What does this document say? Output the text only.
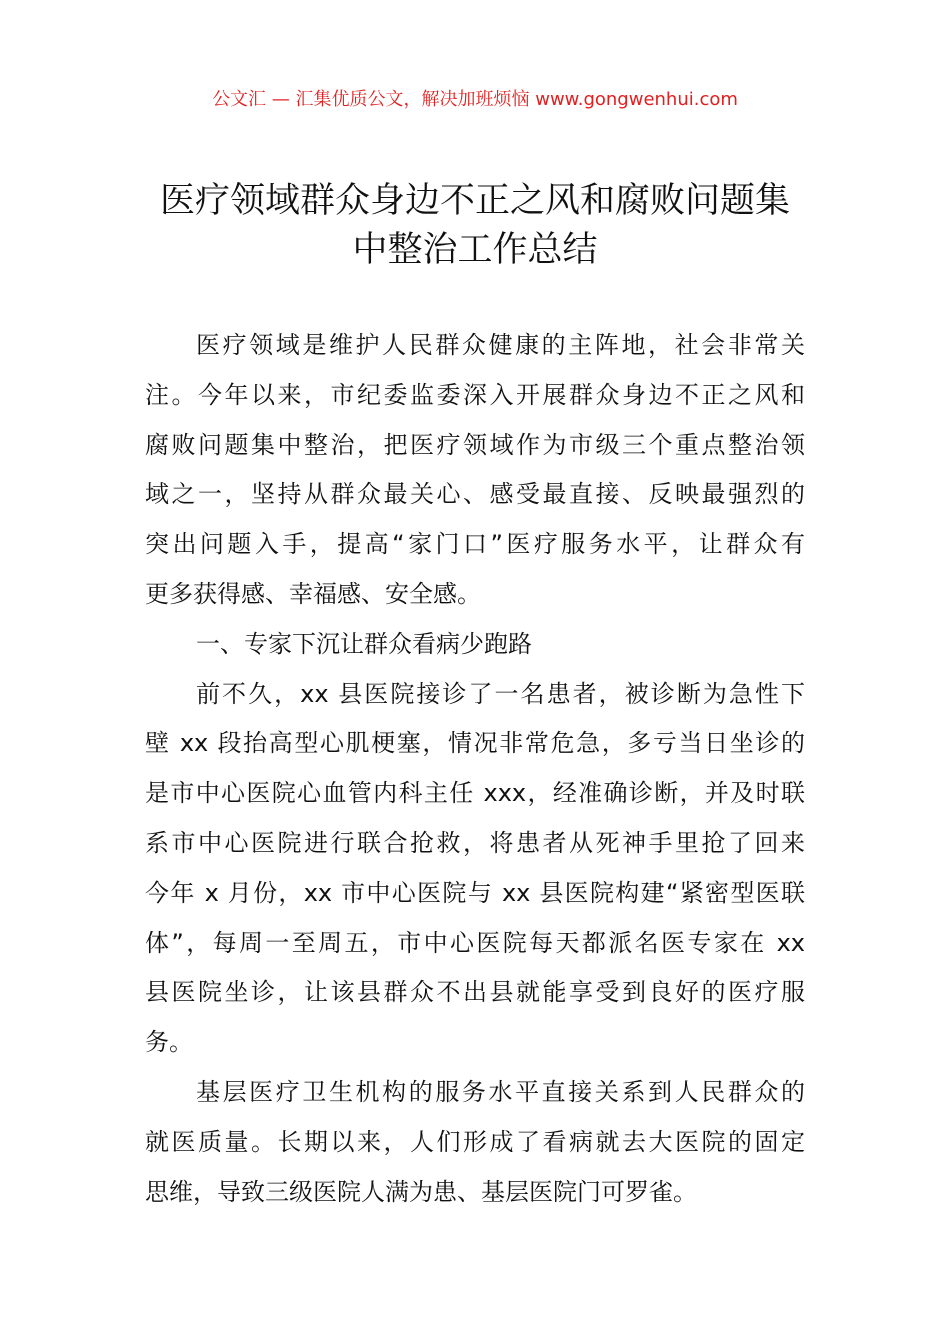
公文汇 — 汇集优质公文，解决加班烦恼 www.gongwenhui.com
医疗领域群众身边不正之风和腐败问题集
中整治工作总结
医疗领域是维护人民群众健康的主阵地，社会非常关
注。今年以来，市纪委监委深入开展群众身边不正之风和
腐败问题集中整治，把医疗领域作为市级三个重点整治领
域之一，坚持从群众最关心、感受最直接、反映最强烈的
突出问题入手，提高“家门口”医疗服务水平，让群众有
更多获得感、幸福感、安全感。
一、专家下沉让群众看病少跑路
前不久，xx 县医院接诊了一名患者，被诊断为急性下
壁 xx 段抬高型心肌梗塞，情况非常危急，多亏当日坐诊的
是市中心医院心血管内科主任 xxx，经准确诊断，并及时联
系市中心医院进行联合抢救，将患者从死神手里抢了回来
今年 x 月份，xx 市中心医院与 xx 县医院构建“紧密型医联
体”，每周一至周五，市中心医院每天都派名医专家在 xx
县医院坐诊，让该县群众不出县就能享受到良好的医疗服
务。
基层医疗卫生机构的服务水平直接关系到人民群众的
就医质量。长期以来，人们形成了看病就去大医院的固定
思维，导致三级医院人满为患、基层医院门可罗雀。
